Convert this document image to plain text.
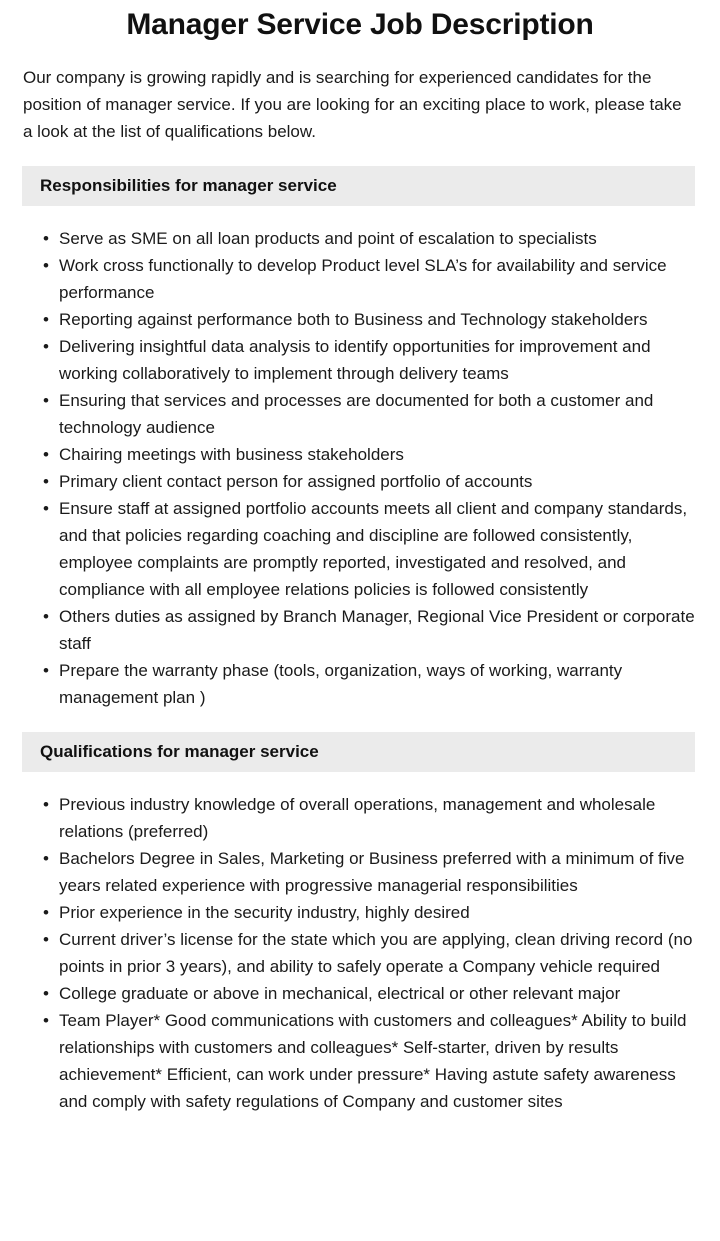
Manager Service Job Description

Our company is growing rapidly and is searching for experienced candidates for the position of manager service. If you are looking for an exciting place to work, please take a look at the list of qualifications below.

Responsibilities for manager service
• Serve as SME on all loan products and point of escalation to specialists
• Work cross functionally to develop Product level SLA’s for availability and service performance
• Reporting against performance both to Business and Technology stakeholders
• Delivering insightful data analysis to identify opportunities for improvement and working collaboratively to implement through delivery teams
• Ensuring that services and processes are documented for both a customer and technology audience
• Chairing meetings with business stakeholders
• Primary client contact person for assigned portfolio of accounts
• Ensure staff at assigned portfolio accounts meets all client and company standards, and that policies regarding coaching and discipline are followed consistently, employee complaints are promptly reported, investigated and resolved, and compliance with all employee relations policies is followed consistently
• Others duties as assigned by Branch Manager, Regional Vice President or corporate staff
• Prepare the warranty phase (tools, organization, ways of working, warranty management plan )
Qualifications for manager service
• Previous industry knowledge of overall operations, management and wholesale relations (preferred)
• Bachelors Degree in Sales, Marketing or Business preferred with a minimum of five years related experience with progressive managerial responsibilities
• Prior experience in the security industry, highly desired
• Current driver’s license for the state which you are applying, clean driving record (no points in prior 3 years), and ability to safely operate a Company vehicle required
• College graduate or above in mechanical, electrical or other relevant major
• Team Player* Good communications with customers and colleagues* Ability to build relationships with customers and colleagues* Self-starter, driven by results achievement* Efficient, can work under pressure* Having astute safety awareness and comply with safety regulations of Company and customer sites
